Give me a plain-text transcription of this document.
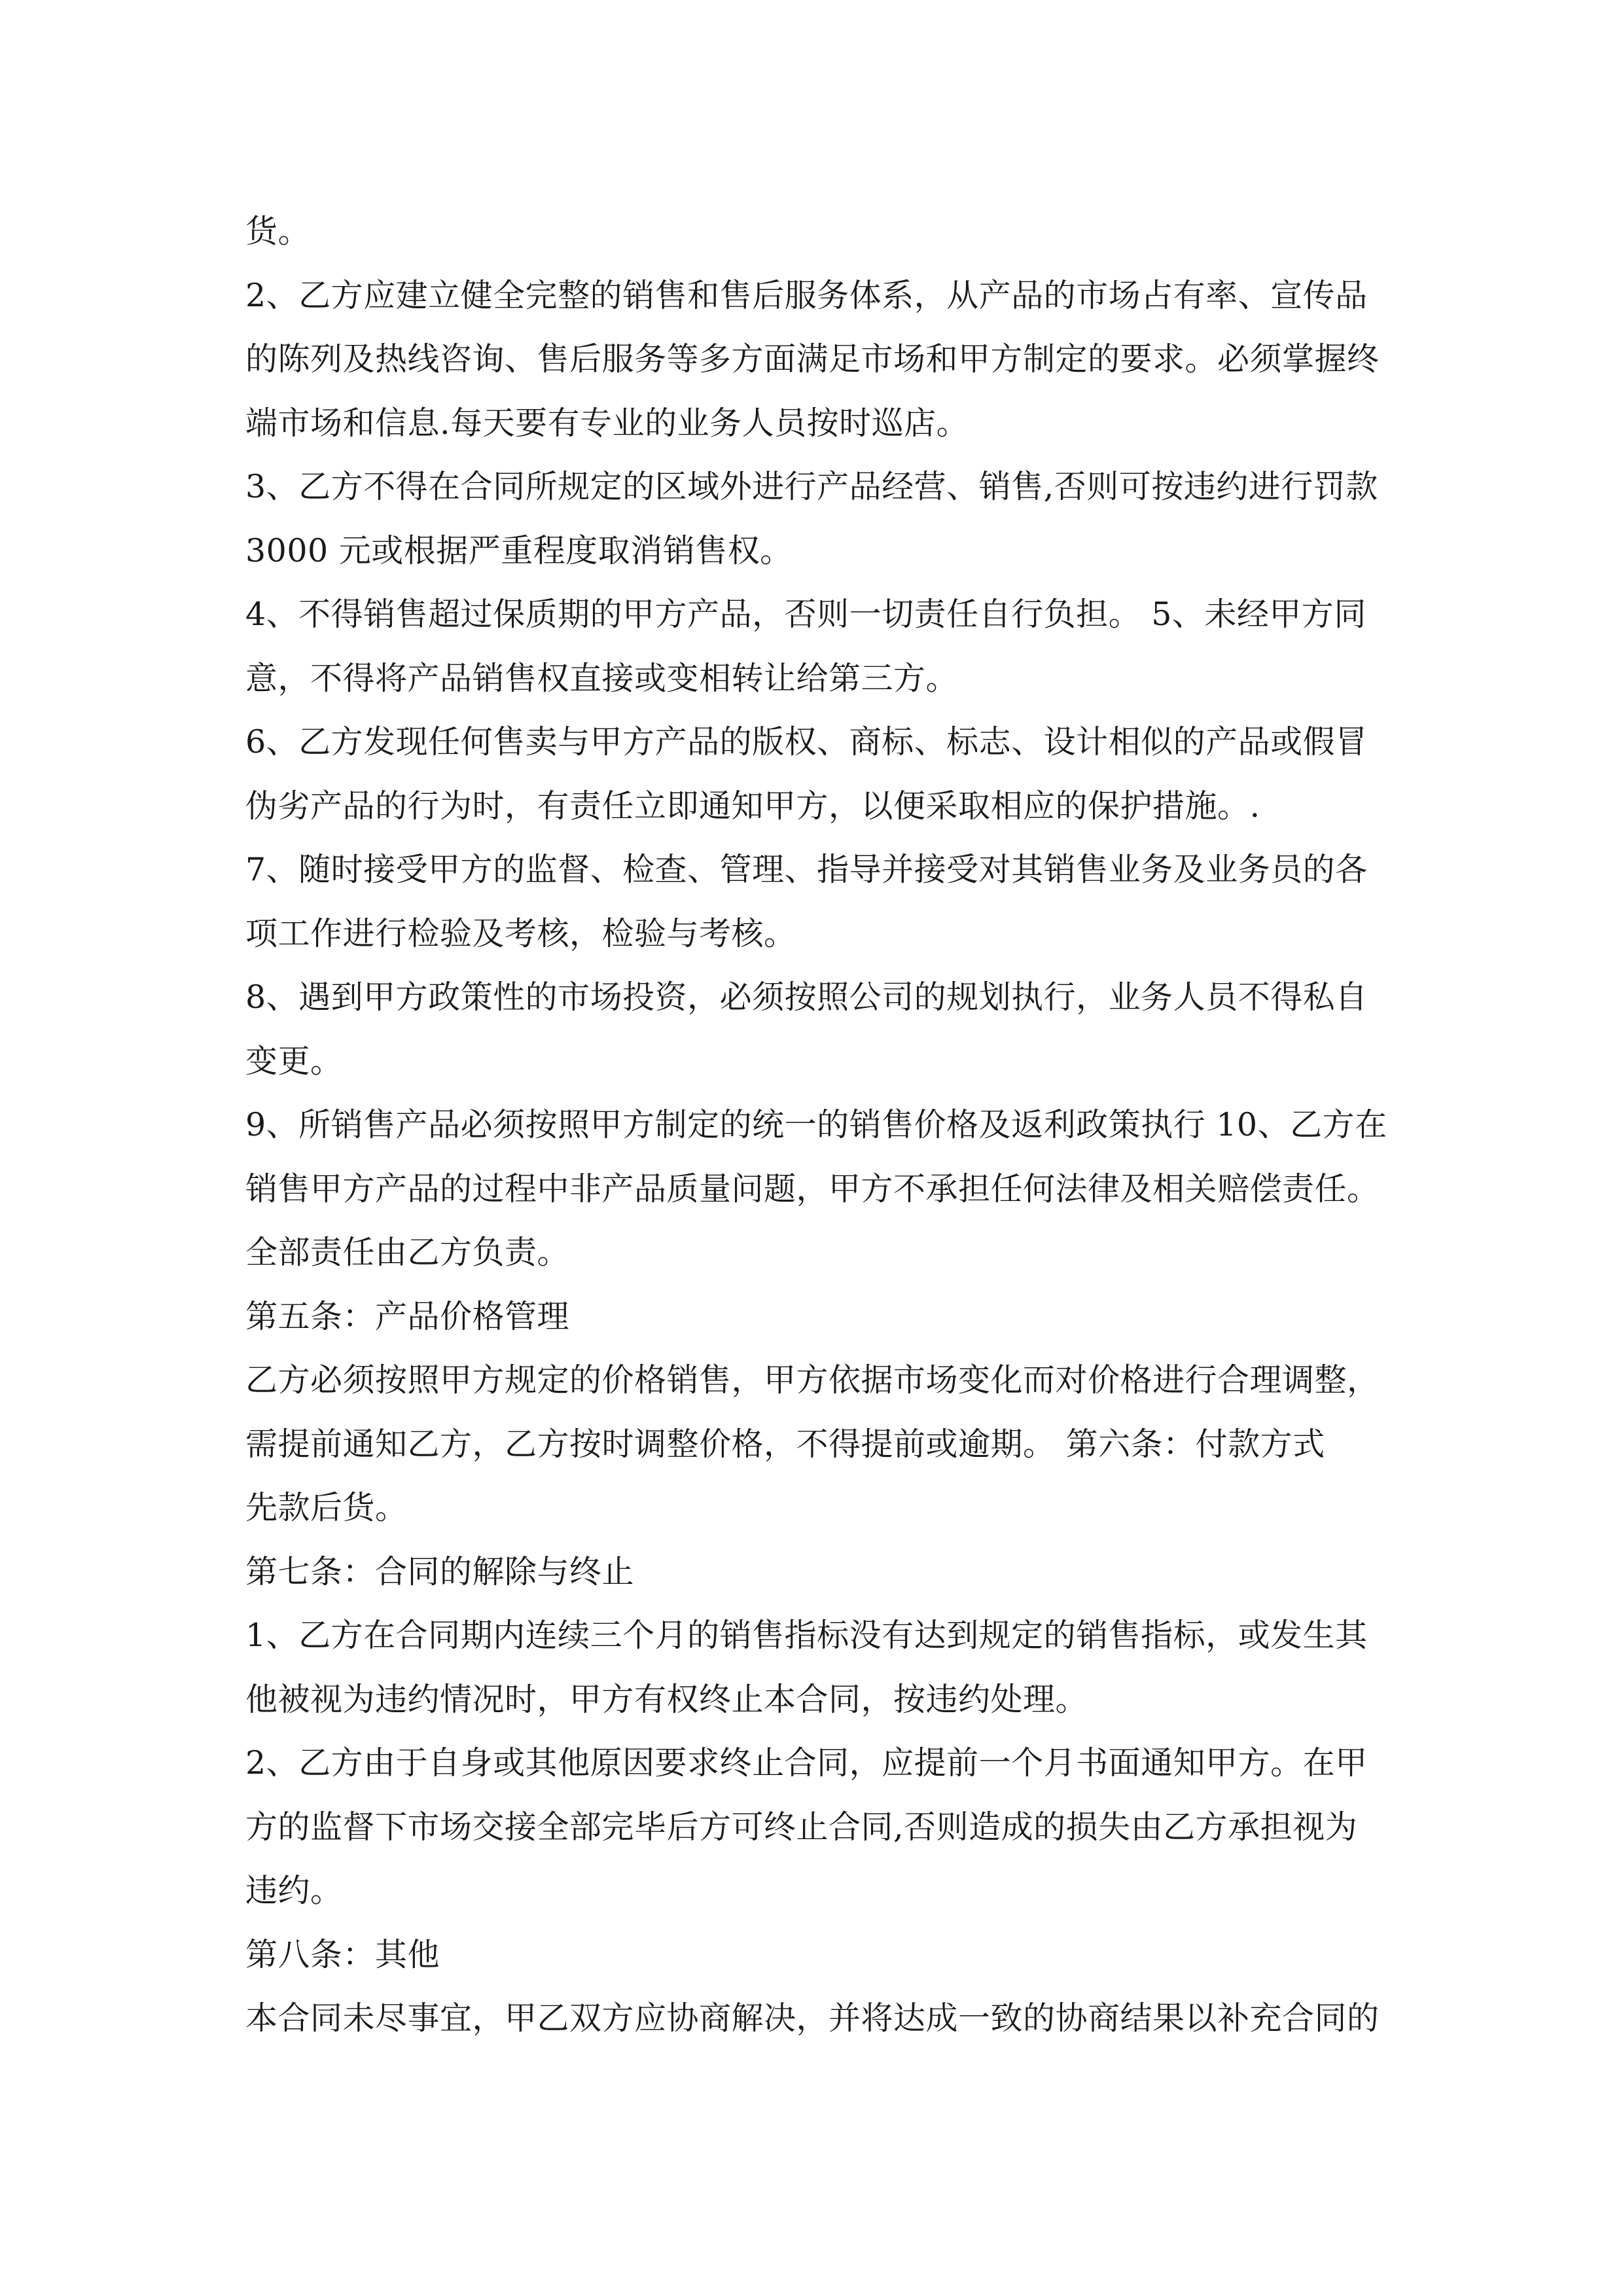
货。
2、乙方应建立健全完整的销售和售后服务体系，从产品的市场占有率、宣传品
的陈列及热线咨询、售后服务等多方面满足市场和甲方制定的要求。必须掌握终
端市场和信息.每天要有专业的业务人员按时巡店。
3、乙方不得在合同所规定的区域外进行产品经营、销售,否则可按违约进行罚款
3000 元或根据严重程度取消销售权。
4、不得销售超过保质期的甲方产品，否则一切责任自行负担。 5、未经甲方同
意，不得将产品销售权直接或变相转让给第三方。
6、乙方发现任何售卖与甲方产品的版权、商标、标志、设计相似的产品或假冒
伪劣产品的行为时，有责任立即通知甲方，以便采取相应的保护措施。.
7、随时接受甲方的监督、检查、管理、指导并接受对其销售业务及业务员的各
项工作进行检验及考核，检验与考核。
8、遇到甲方政策性的市场投资，必须按照公司的规划执行，业务人员不得私自
变更。
9、所销售产品必须按照甲方制定的统一的销售价格及返利政策执行 10、乙方在
销售甲方产品的过程中非产品质量问题，甲方不承担任何法律及相关赔偿责任。
全部责任由乙方负责。
第五条：产品价格管理
乙方必须按照甲方规定的价格销售，甲方依据市场变化而对价格进行合理调整，
需提前通知乙方，乙方按时调整价格，不得提前或逾期。 第六条：付款方式
先款后货。
第七条：合同的解除与终止
1、乙方在合同期内连续三个月的销售指标没有达到规定的销售指标，或发生其
他被视为违约情况时，甲方有权终止本合同，按违约处理。
2、乙方由于自身或其他原因要求终止合同，应提前一个月书面通知甲方。在甲
方的监督下市场交接全部完毕后方可终止合同,否则造成的损失由乙方承担视为
违约。
第八条：其他
本合同未尽事宜，甲乙双方应协商解决，并将达成一致的协商结果以补充合同的
